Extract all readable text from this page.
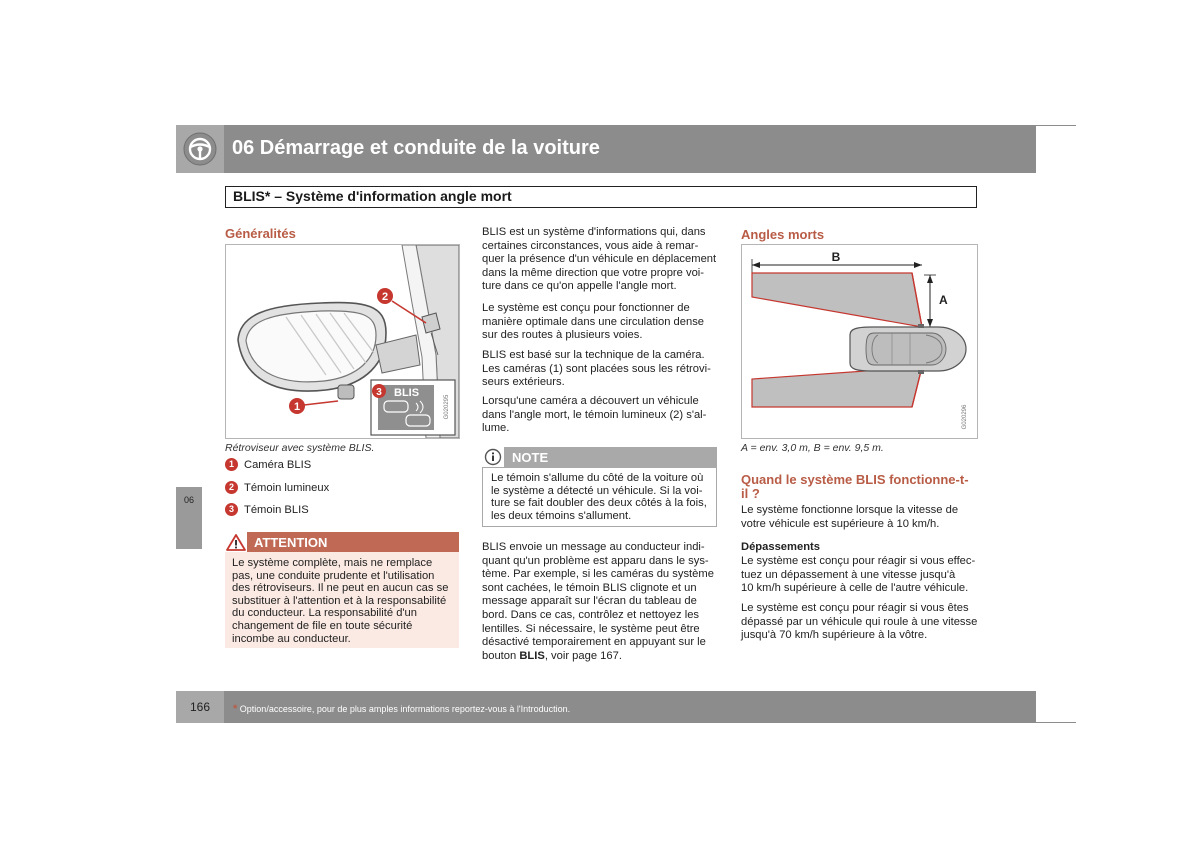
06 Démarrage et conduite de la voiture
BLIS* – Système d'information angle mort
06
Généralités
2
1
BLIS
3
G020295
Rétroviseur avec système BLIS.
1 Caméra BLIS
2 Témoin lumineux
3 Témoin BLIS
ATTENTION
Le système complète, mais ne remplace
pas, une conduite prudente et l'utilisation
des rétroviseurs. Il ne peut en aucun cas se
substituer à l'attention et à la responsabilité
du conducteur. La responsabilité d'un
changement de file en toute sécurité
incombe au conducteur.
BLIS est un système d'informations qui, dans
certaines circonstances, vous aide à remar-
quer la présence d'un véhicule en déplacement
dans la même direction que votre propre voi-
ture dans ce qu'on appelle l'angle mort.
Le système est conçu pour fonctionner de
manière optimale dans une circulation dense
sur des routes à plusieurs voies.
BLIS est basé sur la technique de la caméra.
Les caméras (1) sont placées sous les rétrovi-
seurs extérieurs.
Lorsqu'une caméra a découvert un véhicule
dans l'angle mort, le témoin lumineux (2) s'al-
lume.
NOTE
Le témoin s'allume du côté de la voiture où
le système a détecté un véhicule. Si la voi-
ture se fait doubler des deux côtés à la fois,
les deux témoins s'allument.
BLIS envoie un message au conducteur indi-
quant qu'un problème est apparu dans le sys-
tème. Par exemple, si les caméras du système
sont cachées, le témoin BLIS clignote et un
message apparaît sur l'écran du tableau de
bord. Dans ce cas, contrôlez et nettoyez les
lentilles. Si nécessaire, le système peut être
désactivé temporairement en appuyant sur le
bouton BLIS, voir page 167.
Angles morts
B
A
G020296
A = env. 3,0 m, B = env. 9,5 m.
Quand le système BLIS fonctionne-t-
il ?
Le système fonctionne lorsque la vitesse de
votre véhicule est supérieure à 10 km/h.
Dépassements
Le système est conçu pour réagir si vous effec-
tuez un dépassement à une vitesse jusqu'à
10 km/h supérieure à celle de l'autre véhicule.
Le système est conçu pour réagir si vous êtes
dépassé par un véhicule qui roule à une vitesse
jusqu'à 70 km/h supérieure à la vôtre.
166	* Option/accessoire, pour de plus amples informations reportez-vous à l'Introduction.
